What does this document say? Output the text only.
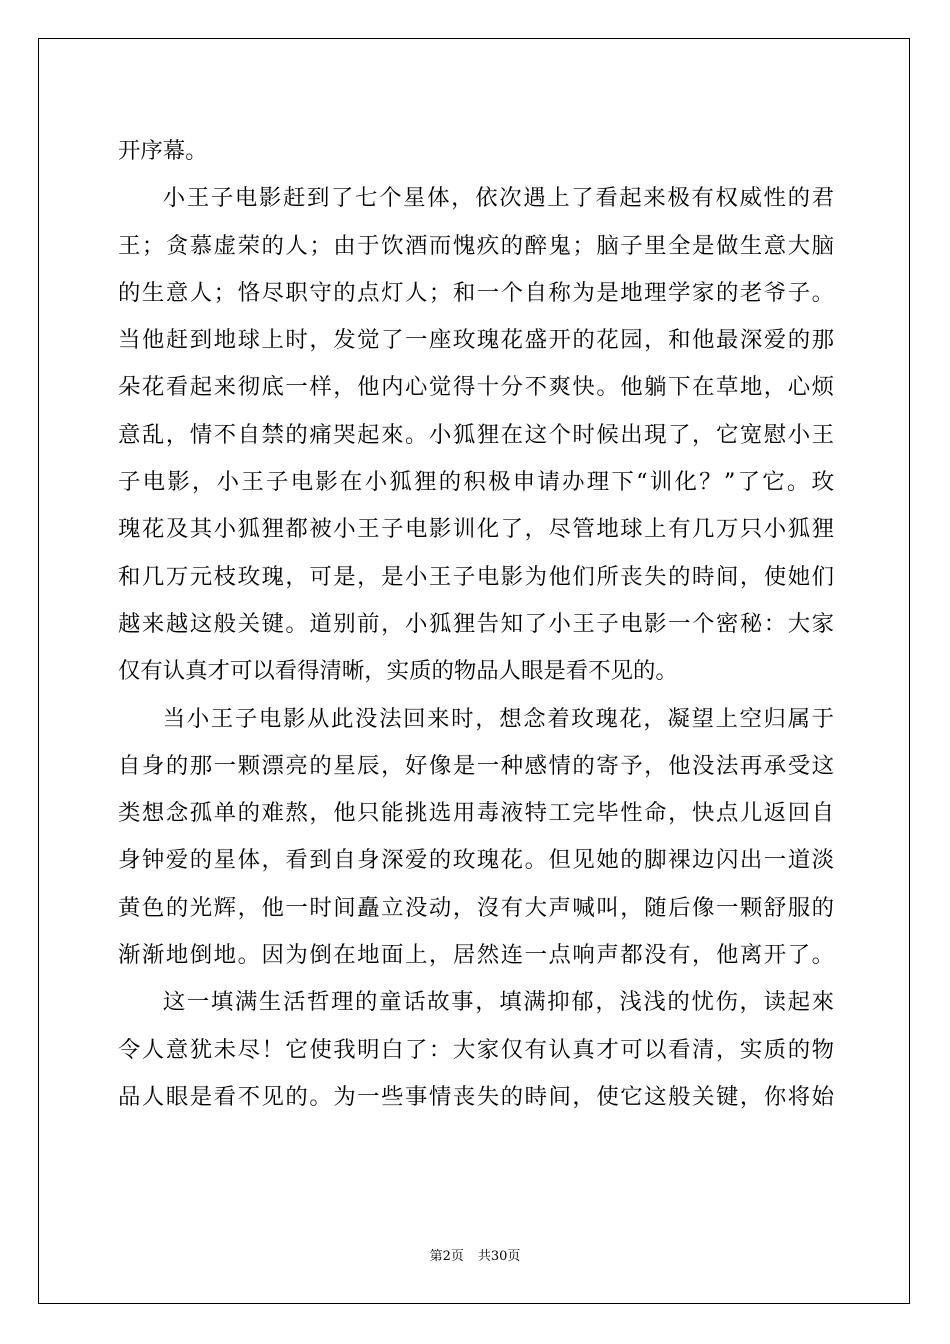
开序幕。
小王子电影赶到了七个星体，依次遇上了看起来极有权威性的君
王；贪慕虚荣的人；由于饮酒而愧疚的醉鬼；脑子里全是做生意大脑
的生意人；恪尽职守的点灯人；和一个自称为是地理学家的老爷子。
当他赶到地球上时，发觉了一座玫瑰花盛开的花园，和他最深爱的那
朵花看起来彻底一样，他内心觉得十分不爽快。他躺下在草地，心烦
意乱，情不自禁的痛哭起來。小狐狸在这个时候出現了，它宽慰小王
子电影，小王子电影在小狐狸的积极申请办理下“训化？”了它。玫
瑰花及其小狐狸都被小王子电影训化了，尽管地球上有几万只小狐狸
和几万元枝玫瑰，可是，是小王子电影为他们所丧失的時间，使她们
越来越这般关键。道别前，小狐狸告知了小王子电影一个密秘：大家
仅有认真才可以看得清晰，实质的物品人眼是看不见的。
当小王子电影从此没法回来时，想念着玫瑰花，凝望上空归属于
自身的那一颗漂亮的星辰，好像是一种感情的寄予，他没法再承受这
类想念孤单的难熬，他只能挑选用毒液特工完毕性命，快点儿返回自
身钟爱的星体，看到自身深爱的玫瑰花。但见她的脚裸边闪出一道淡
黄色的光辉，他一时间矗立没动，沒有大声喊叫，随后像一颗舒服的
渐渐地倒地。因为倒在地面上，居然连一点响声都没有，他离开了。
这一填满生活哲理的童话故事，填满抑郁，浅浅的忧伤，读起來
令人意犹未尽！它使我明白了：大家仅有认真才可以看清，实质的物
品人眼是看不见的。为一些事情丧失的時间，使它这般关键，你将始
第2页 共30页
